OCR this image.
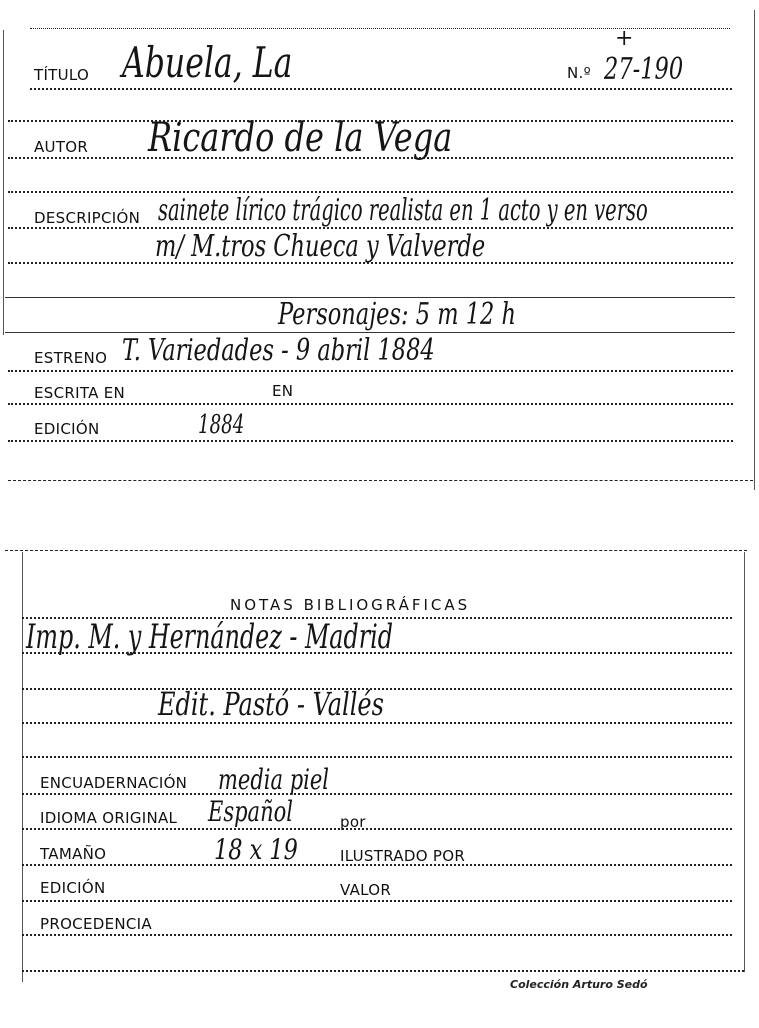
TÍTULO Abuela, La	N.º 27-190
+
AUTOR Ricardo de la Vega
DESCRIPCIÓN sainete lírico trágico realista en 1 acto y en verso
m/ M.tros Chueca y Valverde
Personajes: 5 m 12 h
ESTRENO T. Variedades - 9 abril 1884
ESCRITA EN	EN
EDICIÓN	1884
NOTAS BIBLIOGRÁFICAS
Imp. M. y Hernández - Madrid
Edit. Pastó - Vallés
ENCUADERNACIÓN media piel
IDIOMA ORIGINAL Español	por
TAMAÑO	18 x 19	ILUSTRADO POR
EDICIÓN	VALOR
PROCEDENCIA
Colección Arturo Sedó
